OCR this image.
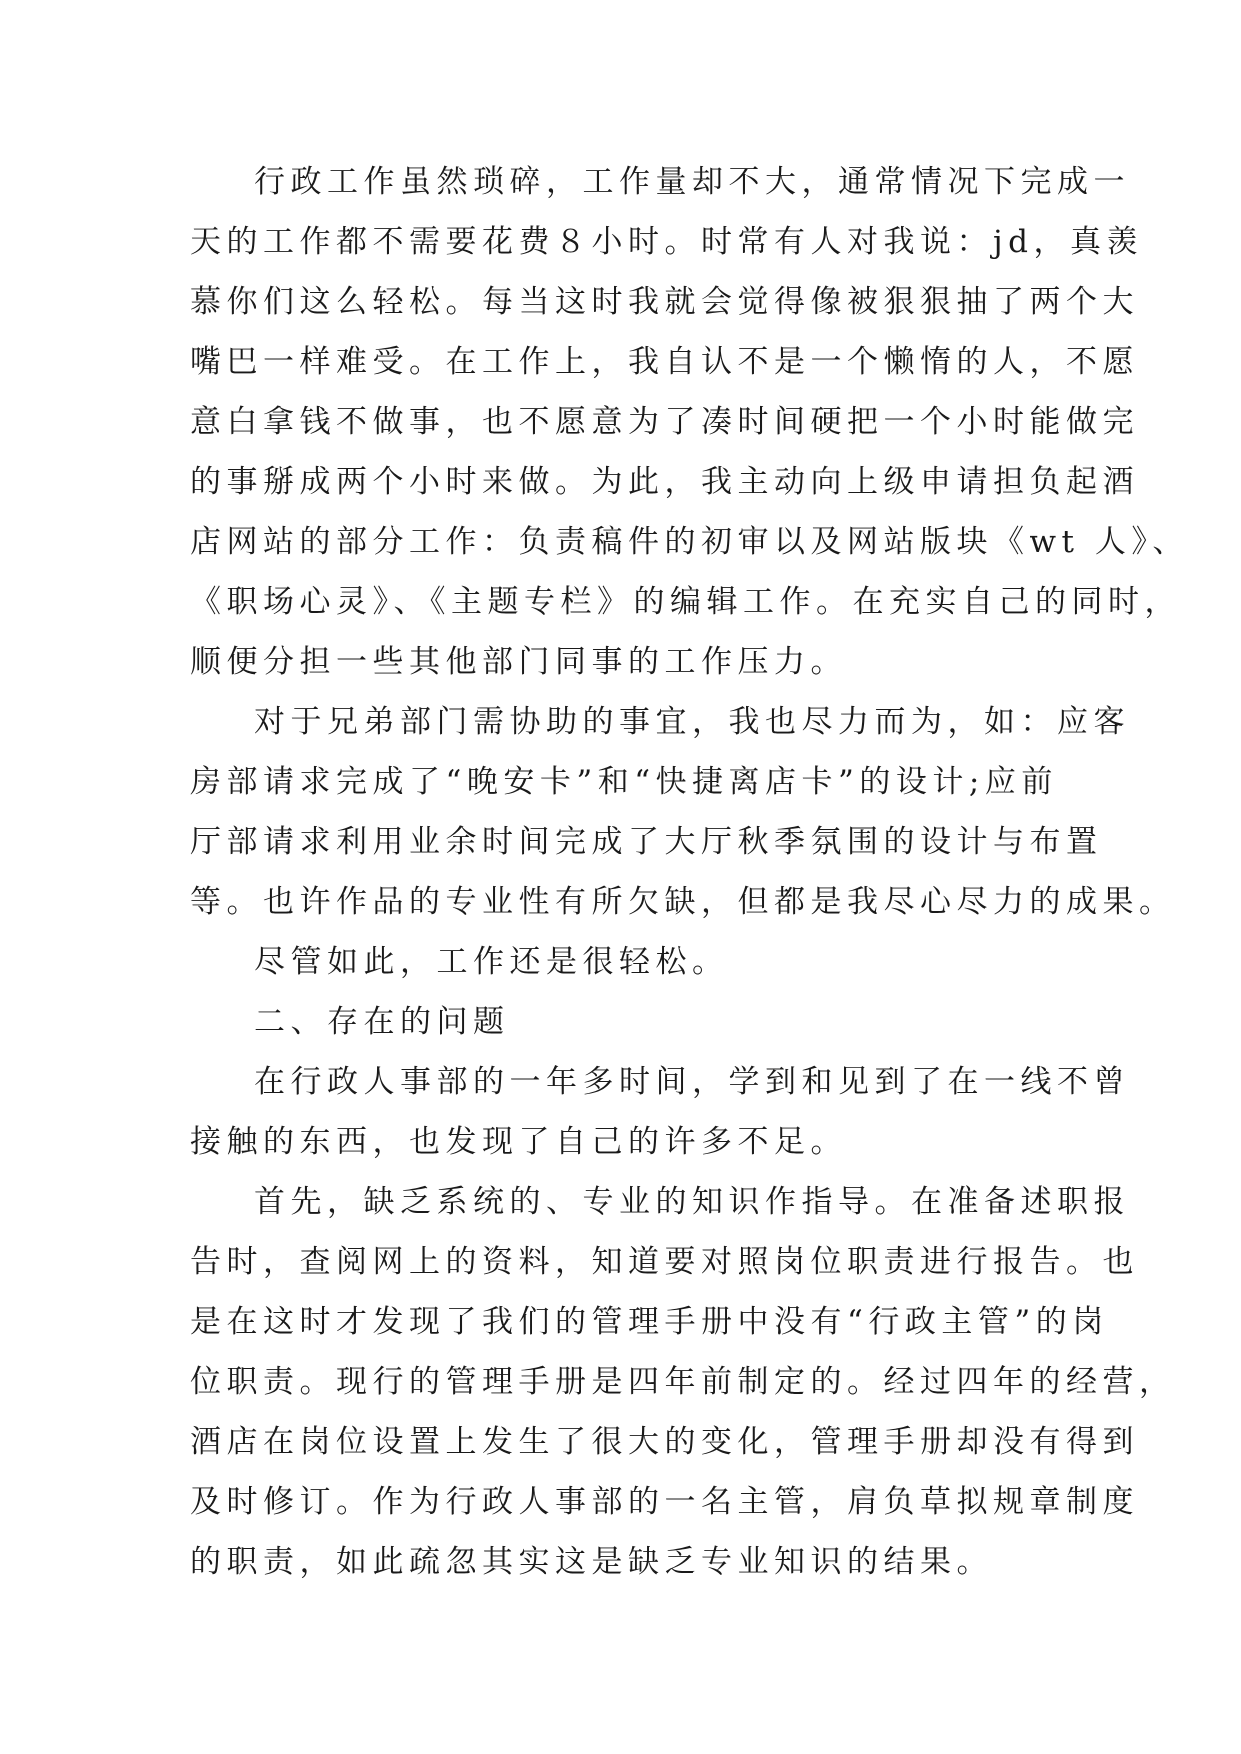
行政工作虽然琐碎，工作量却不大，通常情况下完成一
天的工作都不需要花费８小时。时常有人对我说：jd，真羡
慕你们这么轻松。每当这时我就会觉得像被狠狠抽了两个大
嘴巴一样难受。在工作上，我自认不是一个懒惰的人，不愿
意白拿钱不做事，也不愿意为了凑时间硬把一个小时能做完
的事掰成两个小时来做。为此，我主动向上级申请担负起酒
店网站的部分工作：负责稿件的初审以及网站版块《wt 人》、
《职场心灵》、《主题专栏》的编辑工作。在充实自己的同时，
顺便分担一些其他部门同事的工作压力。
对于兄弟部门需协助的事宜，我也尽力而为，如：应客
房部请求完成了“晚安卡”和“快捷离店卡”的设计;应前
厅部请求利用业余时间完成了大厅秋季氛围的设计与布置
等。也许作品的专业性有所欠缺，但都是我尽心尽力的成果。
尽管如此，工作还是很轻松。
二、存在的问题
在行政人事部的一年多时间，学到和见到了在一线不曾
接触的东西，也发现了自己的许多不足。
首先，缺乏系统的、专业的知识作指导。在准备述职报
告时，查阅网上的资料，知道要对照岗位职责进行报告。也
是在这时才发现了我们的管理手册中没有“行政主管”的岗
位职责。现行的管理手册是四年前制定的。经过四年的经营，
酒店在岗位设置上发生了很大的变化，管理手册却没有得到
及时修订。作为行政人事部的一名主管，肩负草拟规章制度
的职责，如此疏忽其实这是缺乏专业知识的结果。
